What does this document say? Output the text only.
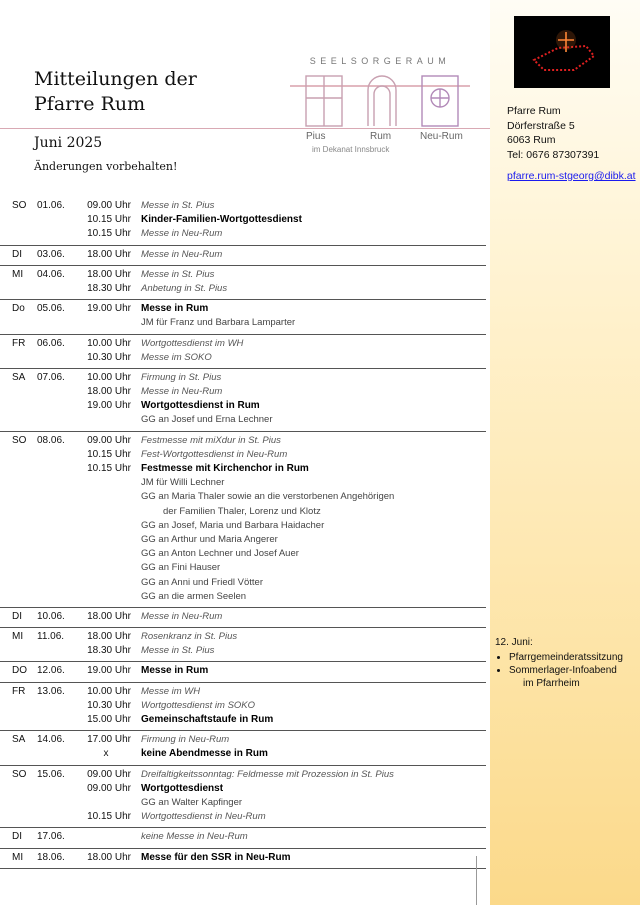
Pfarre Rum
Dörferstraße 5
6063 Rum
Tel: 0676 87307391
pfarre.rum-stgeorg@dibk.at
12. Juni:
• Pfarrgemeinderatssitzung
• Sommerlager-Infoabend
im Pfarrheim
Mitteilungen der
Pfarre Rum
Juni 2025
Änderungen vorbehalten!
SEELSORGERAUM
Pius	Rum	Neu-Rum
im Dekanat Innsbruck
SO 01.06. 09.00 Uhr Messe in St. Pius
10.15 Uhr Kinder-Familien-Wortgottesdienst
10.15 Uhr Messe in Neu-Rum
DI 03.06. 18.00 Uhr Messe in Neu-Rum
MI 04.06. 18.00 Uhr Messe in St. Pius
18.30 Uhr Anbetung in St. Pius
Do 05.06. 19.00 Uhr Messe in Rum
JM für Franz und Barbara Lamparter
FR 06.06. 10.00 Uhr Wortgottesdienst im WH
10.30 Uhr Messe im SOKO
SA 07.06. 10.00 Uhr Firmung in St. Pius
18.00 Uhr Messe in Neu-Rum
19.00 Uhr Wortgottesdienst in Rum
GG an Josef und Erna Lechner
SO 08.06. 09.00 Uhr Festmesse mit miXdur in St. Pius
10.15 Uhr Fest-Wortgottesdienst in Neu-Rum
10.15 Uhr Festmesse mit Kirchenchor in Rum
JM für Willi Lechner
GG an Maria Thaler sowie an die verstorbenen Angehörigen
der Familien Thaler, Lorenz und Klotz
GG an Josef, Maria und Barbara Haidacher
GG an Arthur und Maria Angerer
GG an Anton Lechner und Josef Auer
GG an Fini Hauser
GG an Anni und Friedl Vötter
GG an die armen Seelen
DI 10.06. 18.00 Uhr Messe in Neu-Rum
MI 11.06. 18.00 Uhr Rosenkranz in St. Pius
18.30 Uhr Messe in St. Pius
DO 12.06. 19.00 Uhr Messe in Rum
FR 13.06. 10.00 Uhr Messe im WH
10.30 Uhr Wortgottesdienst im SOKO
15.00 Uhr Gemeinschaftstaufe in Rum
SA 14.06. 17.00 Uhr Firmung in Neu-Rum
x	keine Abendmesse in Rum
SO 15.06. 09.00 Uhr Dreifaltigkeitssonntag: Feldmesse mit Prozession in St. Pius
09.00 Uhr Wortgottesdienst
GG an Walter Kapfinger
10.15 Uhr Wortgottesdienst in Neu-Rum
DI 17.06.	keine Messe in Neu-Rum
MI 18.06. 18.00 Uhr Messe für den SSR in Neu-Rum
